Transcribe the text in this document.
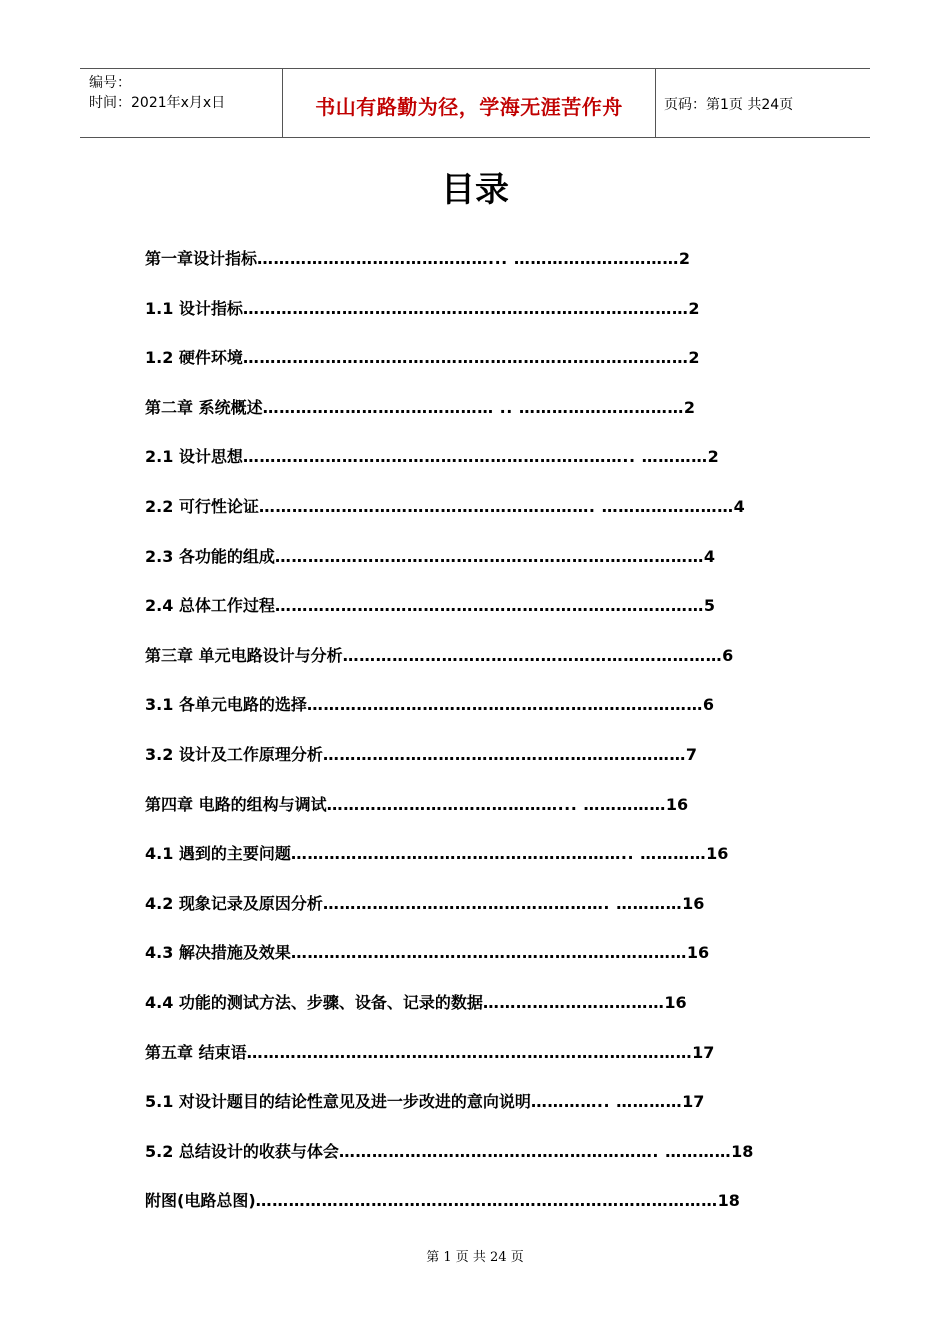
编号：
时间：2021年x月x日	书山有路勤为径，学海无涯苦作舟	页码：第1页 共24页
目录
第一章设计指标 ……………………………………... ………………………… 2
1.1 设计指标 ……………………………………………………………………… 2
1.2 硬件环境 ……………………………………………………………………… 2
第二章 系统概述 …………………………………… .. ………………………… 2
2.1 设计思想 …………………………………………………………….. ………… 2
2.2 可行性论证 ……………………………………………………. …………………… 4
2.3 各功能的组成 …………………………………………………………………… 4
2.4 总体工作过程 …………………………………………………………………… 5
第三章 单元电路设计与分析 …………………………………………………………… 6
3.1 各单元电路的选择 ……………………………………………………………… 6
3.2 设计及工作原理分析 ………………………………………………………… 7
第四章 电路的组构与调试 ……………………………………... …………… 16
4.1 遇到的主要问题 …………………………………………………….. ………… 16
4.2 现象记录及原因分析 ……………………………………………. ………… 16
4.3 解决措施及效果 ……………………………………………………………… 16
4.4 功能的测试方法、步骤、设备、记录的数据 …………………………… 16
第五章 结束语 ……………………………………………………………………… 17
5.1 对设计题目的结论性意见及进一步改进的意向说明 ………….. ………… 17
5.2 总结设计的收获与体会 …………………………………………………. ………… 18
附图(电路总图) ………………………………………………………………………… 18
第 1 页 共 24 页
